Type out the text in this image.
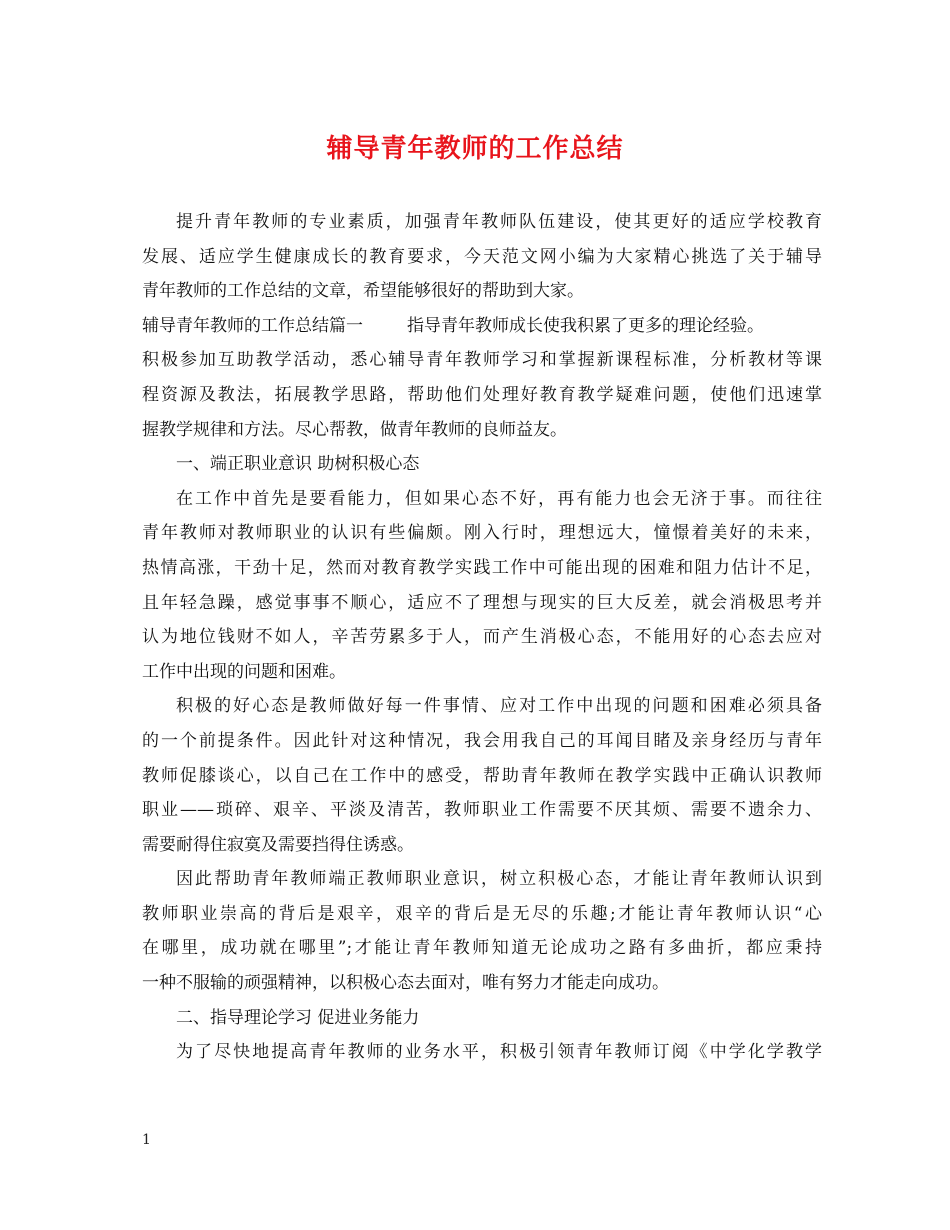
辅导青年教师的工作总结
提升青年教师的专业素质，加强青年教师队伍建设，使其更好的适应学校教育
发展、适应学生健康成长的教育要求，今天范文网小编为大家精心挑选了关于辅导
青年教师的工作总结的文章，希望能够很好的帮助到大家。
辅导青年教师的工作总结篇一	指导青年教师成长使我积累了更多的理论经验。
积极参加互助教学活动，悉心辅导青年教师学习和掌握新课程标准，分析教材等课
程资源及教法，拓展教学思路，帮助他们处理好教育教学疑难问题，使他们迅速掌
握教学规律和方法。尽心帮教，做青年教师的良师益友。
一、端正职业意识 助树积极心态
在工作中首先是要看能力，但如果心态不好，再有能力也会无济于事。而往往
青年教师对教师职业的认识有些偏颇。刚入行时，理想远大，憧憬着美好的未来，
热情高涨，干劲十足，然而对教育教学实践工作中可能出现的困难和阻力估计不足，
且年轻急躁，感觉事事不顺心，适应不了理想与现实的巨大反差，就会消极思考并
认为地位钱财不如人，辛苦劳累多于人，而产生消极心态，不能用好的心态去应对
工作中出现的问题和困难。
积极的好心态是教师做好每一件事情、应对工作中出现的问题和困难必须具备
的一个前提条件。因此针对这种情况，我会用我自己的耳闻目睹及亲身经历与青年
教师促膝谈心，以自己在工作中的感受，帮助青年教师在教学实践中正确认识教师
职业——琐碎、艰辛、平淡及清苦，教师职业工作需要不厌其烦、需要不遗余力、
需要耐得住寂寞及需要挡得住诱惑。
因此帮助青年教师端正教师职业意识，树立积极心态，才能让青年教师认识到
教师职业崇高的背后是艰辛，艰辛的背后是无尽的乐趣;才能让青年教师认识“心
在哪里，成功就在哪里”;才能让青年教师知道无论成功之路有多曲折，都应秉持
一种不服输的顽强精神，以积极心态去面对，唯有努力才能走向成功。
二、指导理论学习 促进业务能力
为了尽快地提高青年教师的业务水平，积极引领青年教师订阅《中学化学教学
1
